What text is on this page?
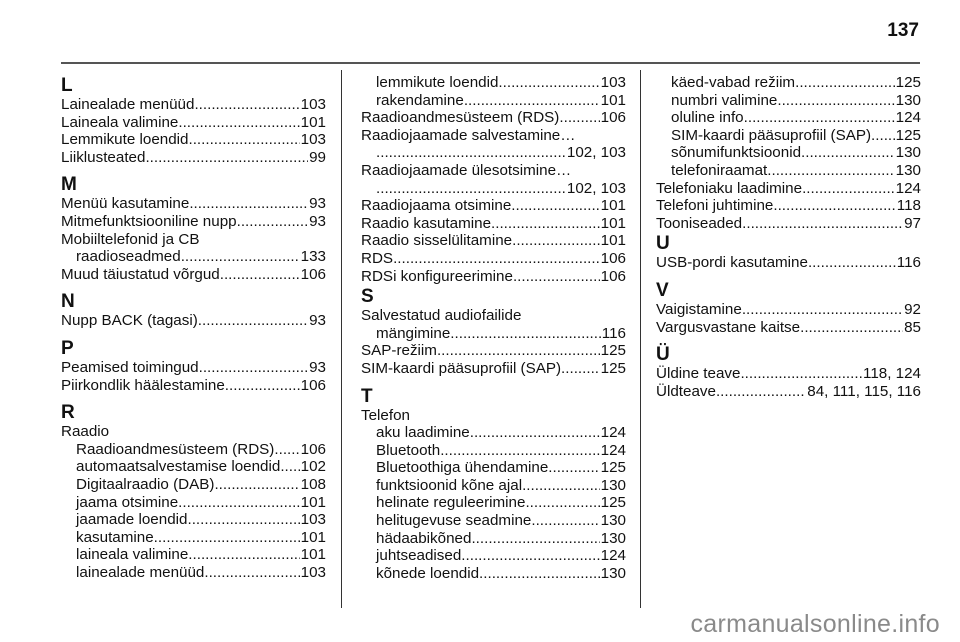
137
L
Lainealade menüüd .....	103
Laineala valimine .....	101
Lemmikute loendid .....	103
Liiklusteated .....	99
M
Menüü kasutamine .....	93
Mitmefunktsiooniline nupp .....	93
Mobiiltelefonid ja CB
raadioseadmed .....	133
Muud täiustatud võrgud .....	106
N
Nupp BACK (tagasi) .....	93
P
Peamised toimingud .....	93
Piirkondlik häälestamine .....	106
R
Raadio
Raadioandmesüsteem (RDS) ..... 106
automaatsalvestamise loendid ..... 102
Digitaalraadio (DAB) .....	108
jaama otsimine .....	101
jaamade loendid .....	103
kasutamine .....	101
laineala valimine .....	101
lainealade menüüd .....	103
lemmikute loendid .....	103
rakendamine .....	101
Raadioandmesüsteem (RDS) .....	106
Raadiojaamade salvestamine…
.....
102, 103
Raadiojaamade ülesotsimine…
.....
102, 103
Raadiojaama otsimine .....	101
Raadio kasutamine .....	101
Raadio sisselülitamine .....	101
RDS .....	106
RDSi konfigureerimine .....	106
S
Salvestatud audiofailide
mängimine .....	116
SAP-režiim .....	125
SIM-kaardi pääsuprofiil (SAP) .....	125
T
Telefon
aku laadimine .....	124
Bluetooth .....	124
Bluetoothiga ühendamine .....	125
funktsioonid kõne ajal .....	130
helinate reguleerimine .....	125
helitugevuse seadmine .....	130
hädaabikõned .....	130
juhtseadised .....	124
kõnede loendid .....	130
käed-vabad režiim .....	125
numbri valimine .....	130
oluline info .....	124
SIM-kaardi pääsuprofiil (SAP) ..... 125
sõnumifunktsioonid .....	130
telefoniraamat .....	130
Telefoniaku laadimine .....	124
Telefoni juhtimine .....	118
Tooniseaded .....	97
U
USB-pordi kasutamine .....	116
V
Vaigistamine .....	92
Vargusvastane kaitse .....	85
Ü
Üldine teave .....	118, 124
Üldteave .....	84, 111, 115, 116
carmanualsonline.info
